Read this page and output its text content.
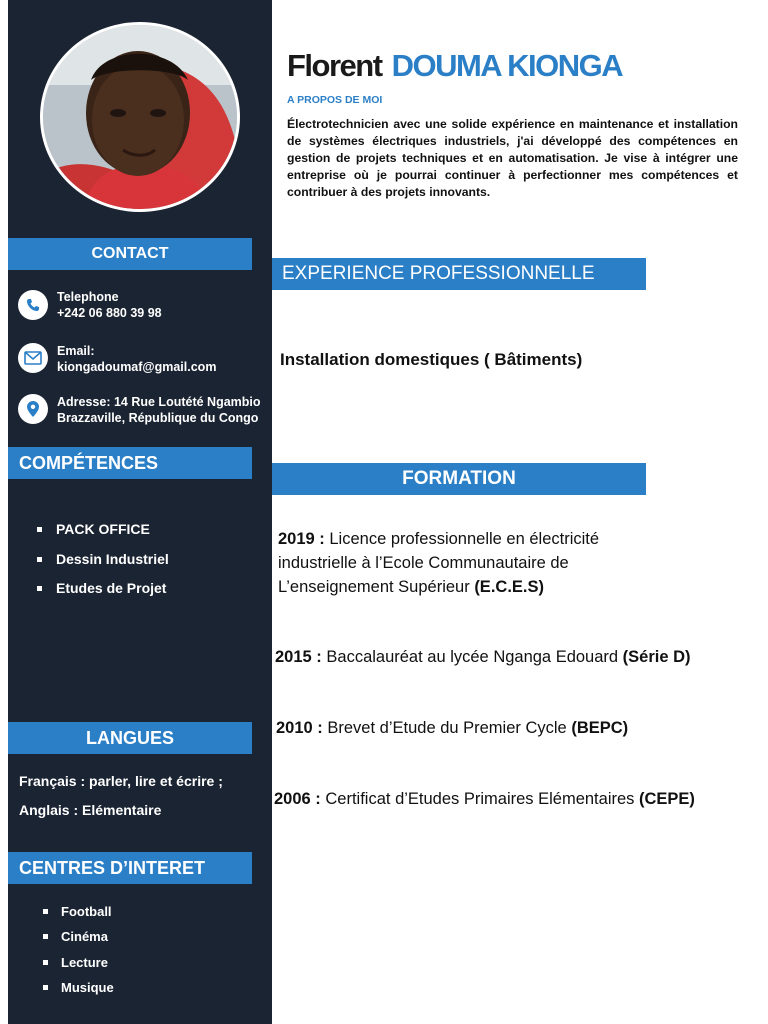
CONTACT
Telephone
+242 06 880 39 98
Email:
kiongadoumaf@gmail.com
Adresse: 14 Rue Loutété Ngambio
Brazzaville, République du Congo
COMPÉTENCES
PACK OFFICE
Dessin Industriel
Etudes de Projet
LANGUES
Français : parler, lire et écrire ;
Anglais : Elémentaire
CENTRES D’INTERET
Football
Cinéma
Lecture
Musique
Florent DOUMA KIONGA
A PROPOS DE MOI
Électrotechnicien avec une solide expérience en maintenance et installation de systèmes électriques industriels, j'ai développé des compétences en gestion de projets techniques et en automatisation. Je vise à intégrer une entreprise où je pourrai continuer à perfectionner mes compétences et contribuer à des projets innovants.
EXPERIENCE PROFESSIONNELLE
Installation domestiques ( Bâtiments)
FORMATION
2019 : Licence professionnelle en électricité
industrielle à l’Ecole Communautaire de
L’enseignement Supérieur (E.C.E.S)
2015 : Baccalauréat au lycée Nganga Edouard (Série D)
2010 : Brevet d’Etude du Premier Cycle (BEPC)
2006 : Certificat d’Etudes Primaires Elémentaires (CEPE)
